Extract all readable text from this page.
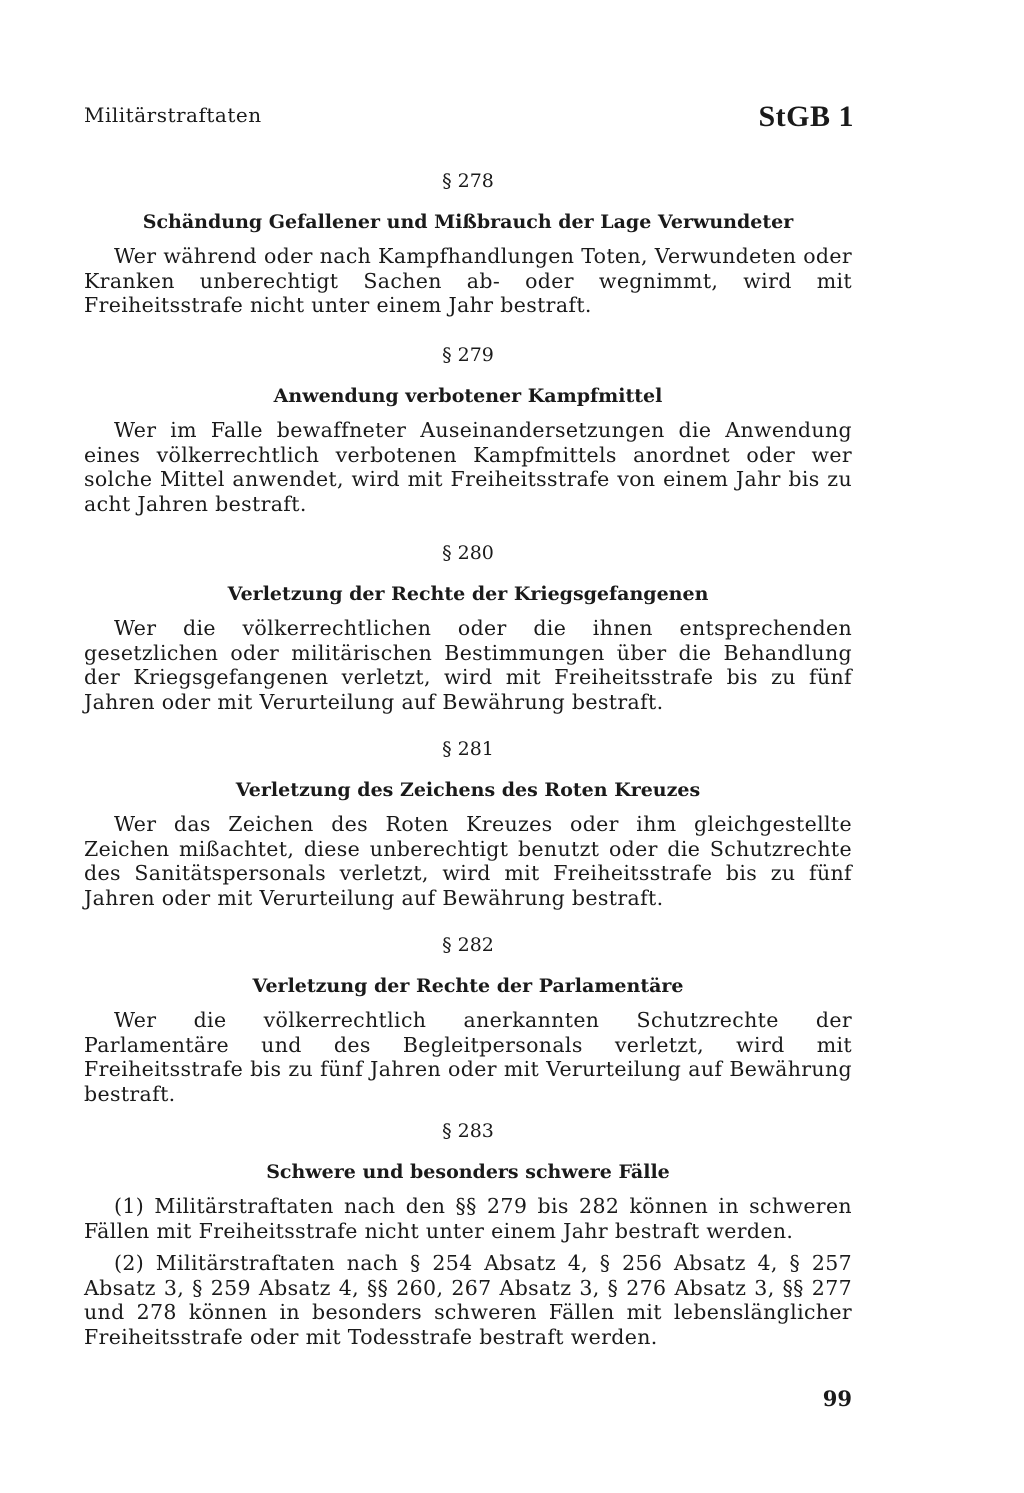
Militärstraftaten	StGB 1
§ 278
Schändung Gefallener und Mißbrauch der Lage Verwundeter

Wer während oder nach Kampfhandlungen Toten, Verwundeten oder Kranken unberechtigt Sachen ab- oder wegnimmt, wird mit Freiheitsstrafe nicht unter einem Jahr bestraft.

§ 279
Anwendung verbotener Kampfmittel

Wer im Falle bewaffneter Auseinandersetzungen die Anwendung eines völkerrechtlich verbotenen Kampfmittels anordnet oder wer solche Mittel anwendet, wird mit Freiheitsstrafe von einem Jahr bis zu acht Jahren bestraft.

§ 280
Verletzung der Rechte der Kriegsgefangenen

Wer die völkerrechtlichen oder die ihnen entsprechenden gesetzlichen oder militärischen Bestimmungen über die Behandlung der Kriegsgefangenen verletzt, wird mit Freiheitsstrafe bis zu fünf Jahren oder mit Verurteilung auf Bewährung bestraft.

§ 281
Verletzung des Zeichens des Roten Kreuzes

Wer das Zeichen des Roten Kreuzes oder ihm gleichgestellte Zeichen mißachtet, diese unberechtigt benutzt oder die Schutzrechte des Sanitätspersonals verletzt, wird mit Freiheitsstrafe bis zu fünf Jahren oder mit Verurteilung auf Bewährung bestraft.

§ 282
Verletzung der Rechte der Parlamentäre

Wer die völkerrechtlich anerkannten Schutzrechte der Parlamentäre und des Begleitpersonals verletzt, wird mit Freiheitsstrafe bis zu fünf Jahren oder mit Verurteilung auf Bewährung bestraft.

§ 283
Schwere und besonders schwere Fälle

(1) Militärstraftaten nach den §§ 279 bis 282 können in schweren Fällen mit Freiheitsstrafe nicht unter einem Jahr bestraft werden.

(2) Militärstraftaten nach § 254 Absatz 4, § 256 Absatz 4, § 257 Absatz 3, § 259 Absatz 4, §§ 260, 267 Absatz 3, § 276 Absatz 3, §§ 277 und 278 können in besonders schweren Fällen mit lebenslänglicher Freiheitsstrafe oder mit Todesstrafe bestraft werden.

99
